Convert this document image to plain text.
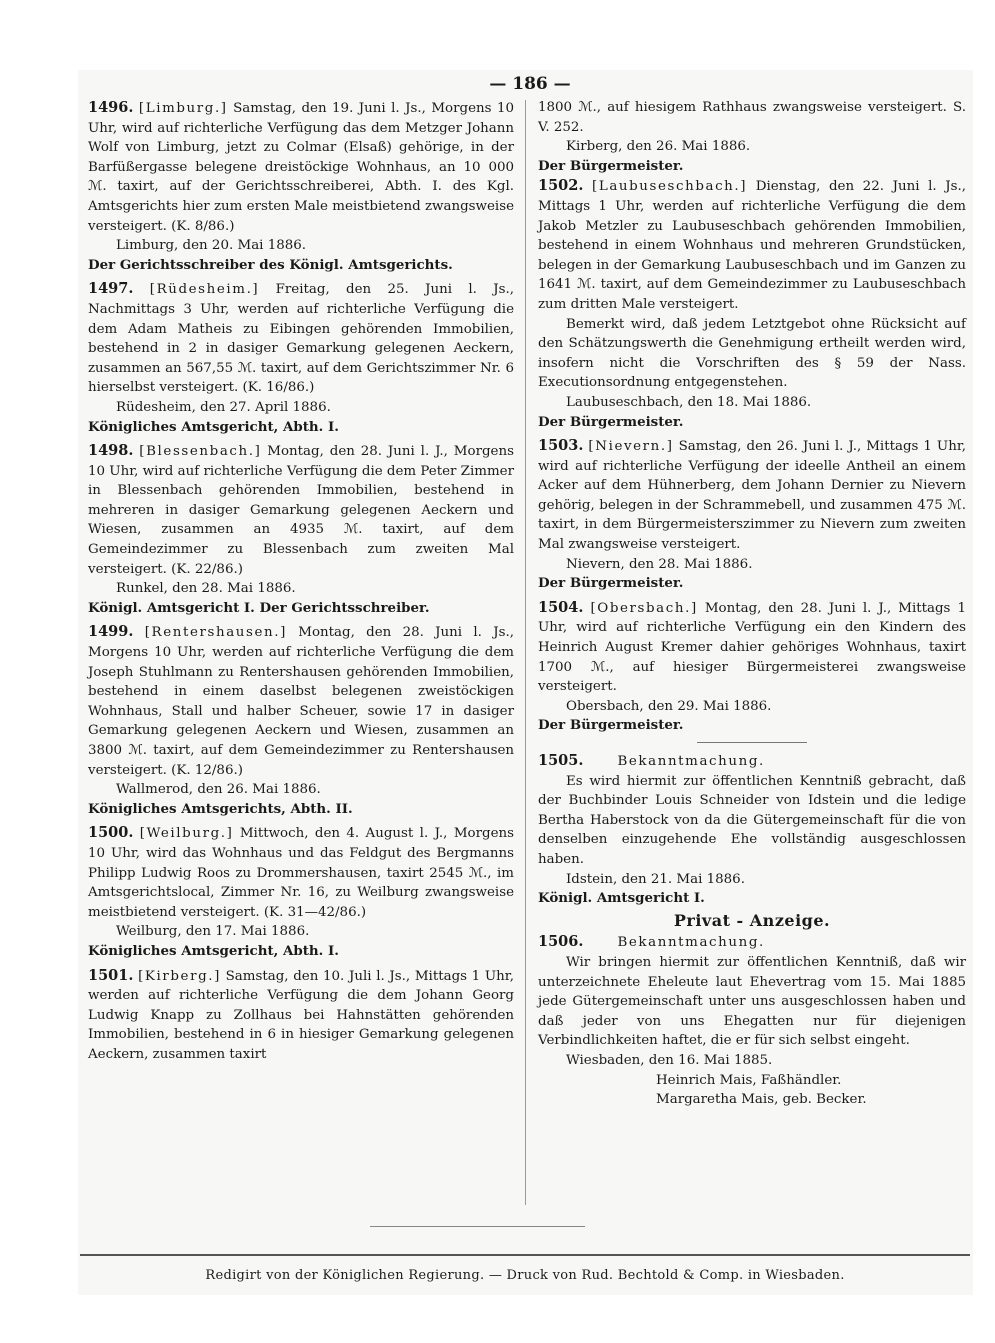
— 186 —

1496. [Limburg.] Samstag, den 19. Juni l. Js., Morgens 10 Uhr, wird auf richterliche Verfügung das dem Metzger Johann Wolf von Limburg, jetzt zu Colmar (Elsaß) gehörige, in der Barfüßergasse belegene dreistöckige Wohnhaus, an 10 000 ℳ. taxirt, auf der Gerichtsschreiberei, Abth. I. des Kgl. Amtsgerichts hier zum ersten Male meistbietend zwangsweise versteigert. (K. 8/86.)

Limburg, den 20. Mai 1886.

Der Gerichtsschreiber des Königl. Amtsgerichts.

1497. [Rüdesheim.] Freitag, den 25. Juni l. Js., Nachmittags 3 Uhr, werden auf richterliche Verfügung die dem Adam Matheis zu Eibingen gehörenden Immobilien, bestehend in 2 in dasiger Gemarkung gelegenen Aeckern, zusammen an 567,55 ℳ. taxirt, auf dem Gerichtszimmer Nr. 6 hierselbst versteigert. (K. 16/86.)

Rüdesheim, den 27. April 1886.

Königliches Amtsgericht, Abth. I.

1498. [Blessenbach.] Montag, den 28. Juni l. J., Morgens 10 Uhr, wird auf richterliche Verfügung die dem Peter Zimmer in Blessenbach gehörenden Immobilien, bestehend in mehreren in dasiger Gemarkung gelegenen Aeckern und Wiesen, zusammen an 4935 ℳ. taxirt, auf dem Gemeindezimmer zu Blessenbach zum zweiten Mal versteigert. (K. 22/86.)

Runkel, den 28. Mai 1886.

Königl. Amtsgericht I. Der Gerichtsschreiber.

1499. [Rentershausen.] Montag, den 28. Juni l. Js., Morgens 10 Uhr, werden auf richterliche Verfügung die dem Joseph Stuhlmann zu Rentershausen gehörenden Immobilien, bestehend in einem daselbst belegenen zweistöckigen Wohnhaus, Stall und halber Scheuer, sowie 17 in dasiger Gemarkung gelegenen Aeckern und Wiesen, zusammen an 3800 ℳ. taxirt, auf dem Gemeindezimmer zu Rentershausen versteigert. (K. 12/86.)

Wallmerod, den 26. Mai 1886.

Königliches Amtsgerichts, Abth. II.

1500. [Weilburg.] Mittwoch, den 4. August l. J., Morgens 10 Uhr, wird das Wohnhaus und das Feldgut des Bergmanns Philipp Ludwig Roos zu Drommershausen, taxirt 2545 ℳ., im Amtsgerichtslocal, Zimmer Nr. 16, zu Weilburg zwangsweise meistbietend versteigert. (K. 31—42/86.)

Weilburg, den 17. Mai 1886.

Königliches Amtsgericht, Abth. I.

1501. [Kirberg.] Samstag, den 10. Juli l. Js., Mittags 1 Uhr, werden auf richterliche Verfügung die dem Johann Georg Ludwig Knapp zu Zollhaus bei Hahnstätten gehörenden Immobilien, bestehend in 6 in hiesiger Gemarkung gelegenen Aeckern, zusammen taxirt

1800 ℳ., auf hiesigem Rathhaus zwangsweise versteigert. S. V. 252.

Kirberg, den 26. Mai 1886.

Der Bürgermeister.

1502. [Laubuseschbach.] Dienstag, den 22. Juni l. Js., Mittags 1 Uhr, werden auf richterliche Verfügung die dem Jakob Metzler zu Laubuseschbach gehörenden Immobilien, bestehend in einem Wohnhaus und mehreren Grundstücken, belegen in der Gemarkung Laubuseschbach und im Ganzen zu 1641 ℳ. taxirt, auf dem Gemeindezimmer zu Laubuseschbach zum dritten Male versteigert.

Bemerkt wird, daß jedem Letztgebot ohne Rücksicht auf den Schätzungswerth die Genehmigung ertheilt werden wird, insofern nicht die Vorschriften des § 59 der Nass. Executionsordnung entgegenstehen.

Laubuseschbach, den 18. Mai 1886.

Der Bürgermeister.

1503. [Nievern.] Samstag, den 26. Juni l. J., Mittags 1 Uhr, wird auf richterliche Verfügung der ideelle Antheil an einem Acker auf dem Hühnerberg, dem Johann Dernier zu Nievern gehörig, belegen in der Schrammebell, und zusammen 475 ℳ. taxirt, in dem Bürgermeisterszimmer zu Nievern zum zweiten Mal zwangsweise versteigert.

Nievern, den 28. Mai 1886.

Der Bürgermeister.

1504. [Obersbach.] Montag, den 28. Juni l. J., Mittags 1 Uhr, wird auf richterliche Verfügung ein den Kindern des Heinrich August Kremer dahier gehöriges Wohnhaus, taxirt 1700 ℳ., auf hiesiger Bürgermeisterei zwangsweise versteigert.

Obersbach, den 29. Mai 1886.

Der Bürgermeister.

1505.	Bekanntmachung.

Es wird hiermit zur öffentlichen Kenntniß gebracht, daß der Buchbinder Louis Schneider von Idstein und die ledige Bertha Haberstock von da die Gütergemeinschaft für die von denselben einzugehende Ehe vollständig ausgeschlossen haben.

Idstein, den 21. Mai 1886.

Königl. Amtsgericht I.

Privat - Anzeige.

1506.	Bekanntmachung.

Wir bringen hiermit zur öffentlichen Kenntniß, daß wir unterzeichnete Eheleute laut Ehevertrag vom 15. Mai 1885 jede Gütergemeinschaft unter uns ausgeschlossen haben und daß jeder von uns Ehegatten nur für diejenigen Verbindlichkeiten haftet, die er für sich selbst eingeht.

Wiesbaden, den 16. Mai 1885.

Heinrich Mais, Faßhändler.

Margaretha Mais, geb. Becker.

Redigirt von der Königlichen Regierung. — Druck von Rud. Bechtold & Comp. in Wiesbaden.
